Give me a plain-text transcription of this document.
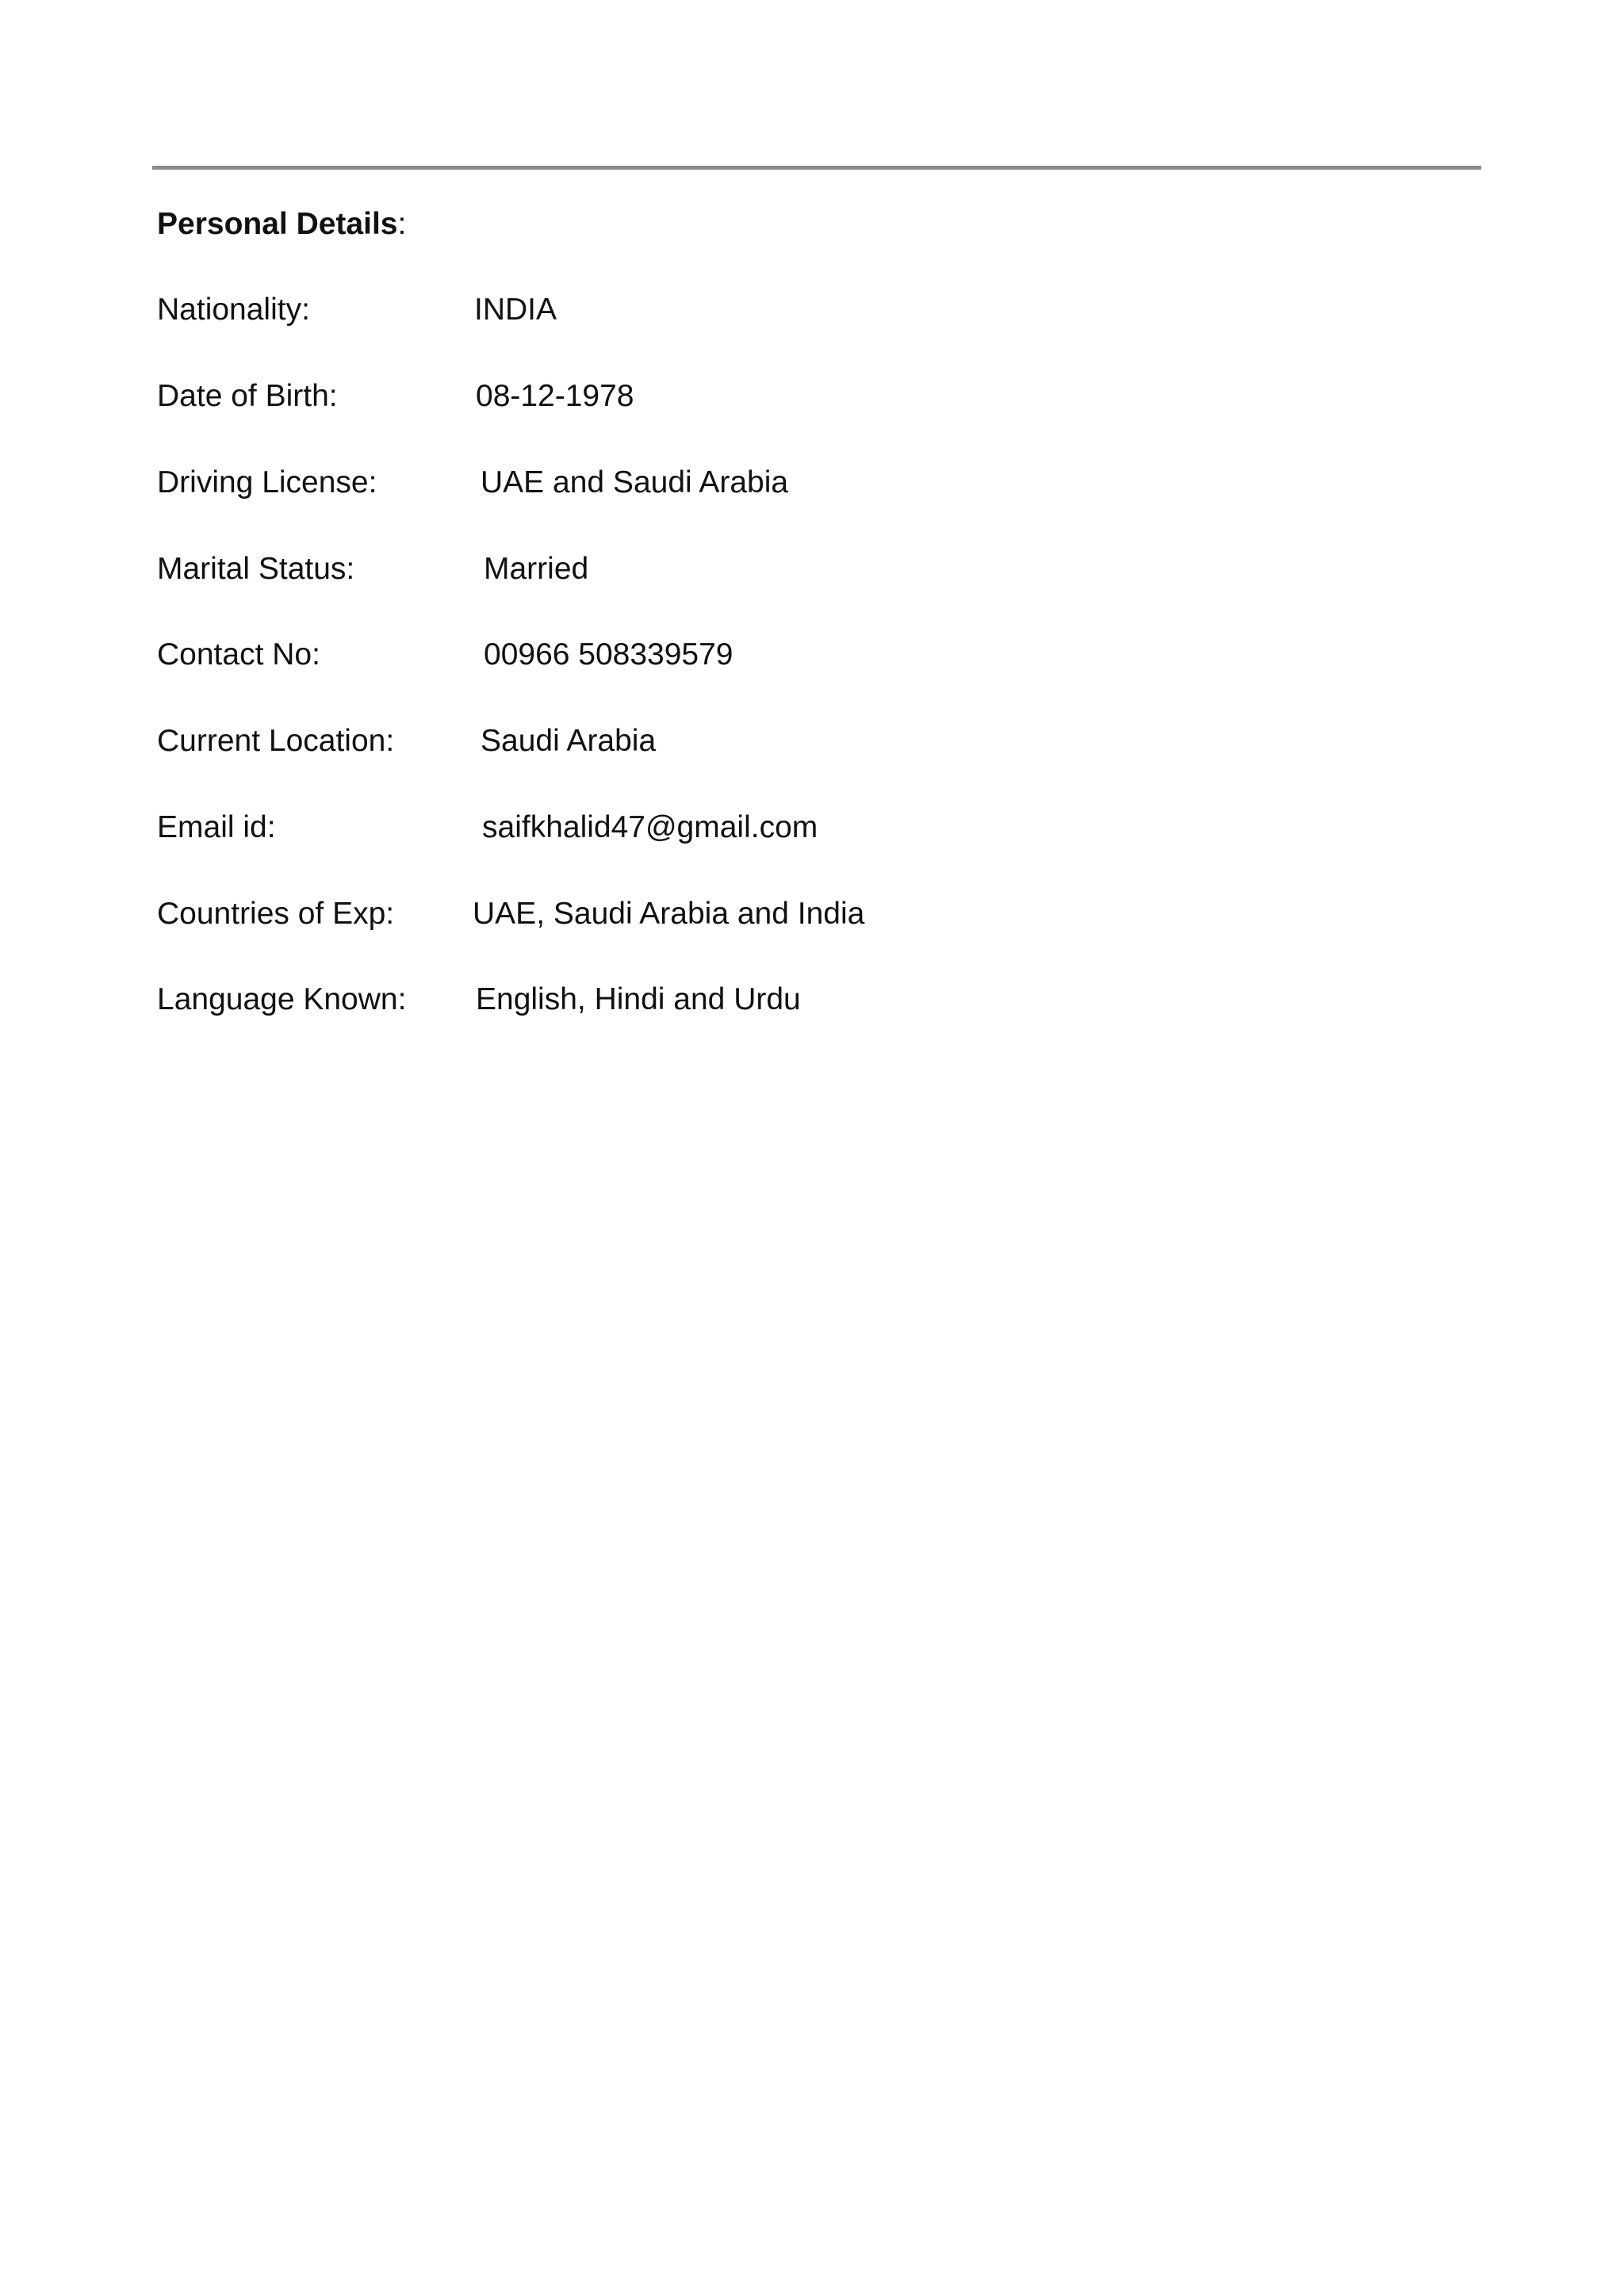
Personal Details:
Nationality:	INDIA
Date of Birth:	08-12-1978
Driving License:	UAE and Saudi Arabia
Marital Status:	Married
Contact No:	00966 508339579
Current Location:	Saudi Arabia
Email id:	saifkhalid47@gmail.com
Countries of Exp:	UAE, Saudi Arabia and India
Language Known: English, Hindi and Urdu
